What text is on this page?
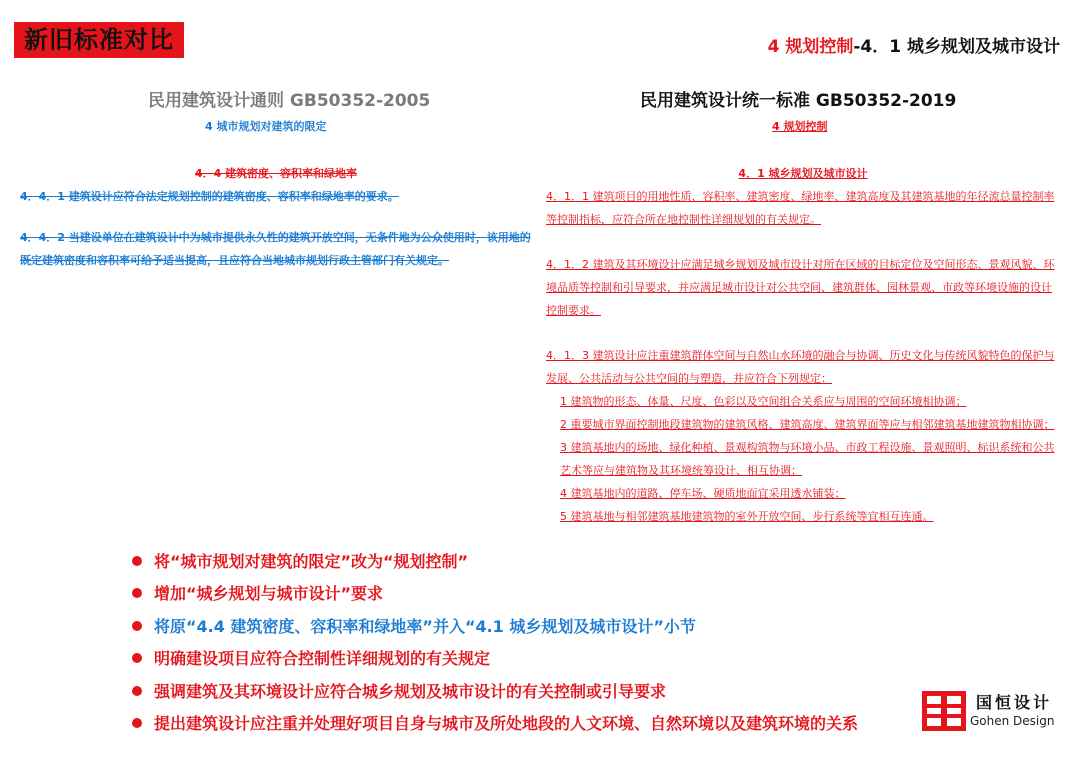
新旧标准对比	4 规划控制-4．1 城乡规划及城市设计
民用建筑设计通则 GB50352-2005	民用建筑设计统一标准 GB50352-2019
4 城市规划对建筑的限定	4 规划控制
4．4 建筑密度、容积率和绿地率
4．4．1 建筑设计应符合法定规划控制的建筑密度、容积率和绿地率的要求。
4．4．2 当建设单位在建筑设计中为城市提供永久性的建筑开放空间，无条件地为公众使用时，该用地的既定建筑密度和容积率可给予适当提高，且应符合当地城市规划行政主管部门有关规定。
4．1 城乡规划及城市设计
4．1．1 建筑项目的用地性质、容积率、建筑密度、绿地率、建筑高度及其建筑基地的年径流总量控制率等控制指标，应符合所在地控制性详细规划的有关规定。
4．1．2 建筑及其环境设计应满足城乡规划及城市设计对所在区域的目标定位及空间形态、景观风貌、环境品质等控制和引导要求，并应满足城市设计对公共空间、建筑群体、园林景观、市政等环境设施的设计控制要求。
4．1．3 建筑设计应注重建筑群体空间与自然山水环境的融合与协调、历史文化与传统风貌特色的保护与发展、公共活动与公共空间的与塑造，并应符合下列规定：
1 建筑物的形态、体量、尺度、色彩以及空间组合关系应与周围的空间环境相协调；
2 重要城市界面控制地段建筑物的建筑风格、建筑高度、建筑界面等应与相邻建筑基地建筑物相协调；
3 建筑基地内的场地、绿化种植、景观构筑物与环境小品、市政工程设施、景观照明、标识系统和公共艺术等应与建筑物及其环境统筹设计、相互协调；
4 建筑基地内的道路、停车场、硬质地面宜采用透水铺装；
5 建筑基地与相邻建筑基地建筑物的室外开放空间、步行系统等宜相互连通。
将“城市规划对建筑的限定”改为“规划控制”
增加“城乡规划与城市设计”要求
将原“4.4 建筑密度、容积率和绿地率”并入“4.1 城乡规划及城市设计”小节
明确建设项目应符合控制性详细规划的有关规定
强调建筑及其环境设计应符合城乡规划及城市设计的有关控制或引导要求
提出建筑设计应注重并处理好项目自身与城市及所处地段的人文环境、自然环境以及建筑环境的关系
国恒设计
Gohen Design
